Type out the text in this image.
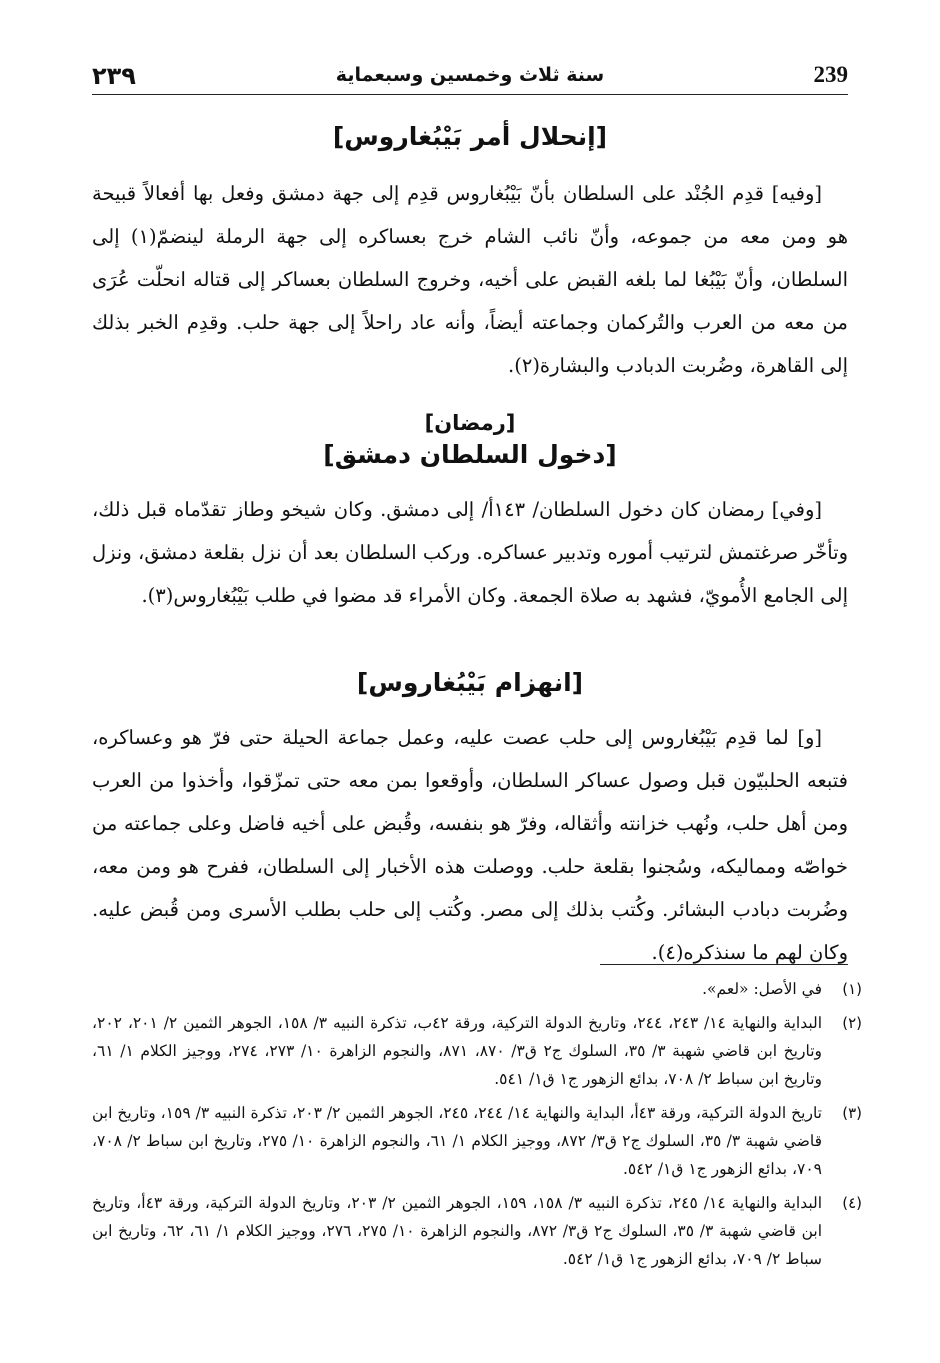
٢٣٩	سنة ثلاث وخمسين وسبعماية	239
[إنحلال أمر بَيْبُغاروس]

[وفيه] قدِم الجُنْد على السلطان بأنّ بَيْبُغاروس قدِم إلى جهة دمشق وفعل بها أفعالاً قبيحة هو ومن معه من جموعه، وأنّ نائب الشام خرج بعساكره إلى جهة الرملة لينضمّ(١) إلى السلطان، وأنّ بَيْبُغا لما بلغه القبض على أخيه، وخروج السلطان بعساكر إلى قتاله انحلّت عُرَى من معه من العرب والتُركمان وجماعته أيضاً، وأنه عاد راحلاً إلى جهة حلب. وقدِم الخبر بذلك إلى القاهرة، وضُربت الدبادب والبشارة(٢).

[رمضان]
[دخول السلطان دمشق]

[وفي] رمضان كان دخول السلطان/ ١٤٣أ/ إلى دمشق. وكان شيخو وطاز تقدّماه قبل ذلك، وتأخّر صرغتمش لترتيب أموره وتدبير عساكره. وركب السلطان بعد أن نزل بقلعة دمشق، ونزل إلى الجامع الأُمويّ، فشهد به صلاة الجمعة. وكان الأمراء قد مضوا في طلب بَيْبُغاروس(٣).

[انهزام بَيْبُغاروس]

[و] لما قدِم بَيْبُغاروس إلى حلب عصت عليه، وعمل جماعة الحيلة حتى فرّ هو وعساكره، فتبعه الحلبيّون قبل وصول عساكر السلطان، وأوقعوا بمن معه حتى تمزّقوا، وأخذوا من العرب ومن أهل حلب، ونُهب خزانته وأثقاله، وفرّ هو بنفسه، وقُبض على أخيه فاضل وعلى جماعته من خواصّه ومماليكه، وسُجنوا بقلعة حلب. ووصلت هذه الأخبار إلى السلطان، ففرح هو ومن معه، وضُربت دبادب البشائر. وكُتب بذلك إلى مصر. وكُتب إلى حلب بطلب الأسرى ومن قُبض عليه. وكان لهم ما سنذكره(٤).

(١)
في الأصل: «لعم».
(٢)
البداية والنهاية ١٤/ ٢٤٣، ٢٤٤، وتاريخ الدولة التركية، ورقة ٤٢ب، تذكرة النبيه ٣/ ١٥٨، الجوهر الثمين ٢/ ٢٠١، ٢٠٢، وتاريخ ابن قاضي شهبة ٣/ ٣٥، السلوك ج٢ ق٣/ ٨٧٠، ٨٧١، والنجوم الزاهرة ١٠/ ٢٧٣، ٢٧٤، ووجيز الكلام ١/ ٦١، وتاريخ ابن سباط ٢/ ٧٠٨، بدائع الزهور ج١ ق١/ ٥٤١.
(٣)
تاريخ الدولة التركية، ورقة ٤٣أ، البداية والنهاية ١٤/ ٢٤٤، ٢٤٥، الجوهر الثمين ٢/ ٢٠٣، تذكرة النبيه ٣/ ١٥٩، وتاريخ ابن قاضي شهبة ٣/ ٣٥، السلوك ج٢ ق٣/ ٨٧٢، ووجيز الكلام ١/ ٦١، والنجوم الزاهرة ١٠/ ٢٧٥، وتاريخ ابن سباط ٢/ ٧٠٨، ٧٠٩، بدائع الزهور ج١ ق١/ ٥٤٢.
(٤)
البداية والنهاية ١٤/ ٢٤٥، تذكرة النبيه ٣/ ١٥٨، ١٥٩، الجوهر الثمين ٢/ ٢٠٣، وتاريخ الدولة التركية، ورقة ٤٣أ، وتاريخ ابن قاضي شهبة ٣/ ٣٥، السلوك ج٢ ق٣/ ٨٧٢، والنجوم الزاهرة ١٠/ ٢٧٥، ٢٧٦، ووجيز الكلام ١/ ٦١، ٦٢، وتاريخ ابن سباط ٢/ ٧٠٩، بدائع الزهور ج١ ق١/ ٥٤٢.
